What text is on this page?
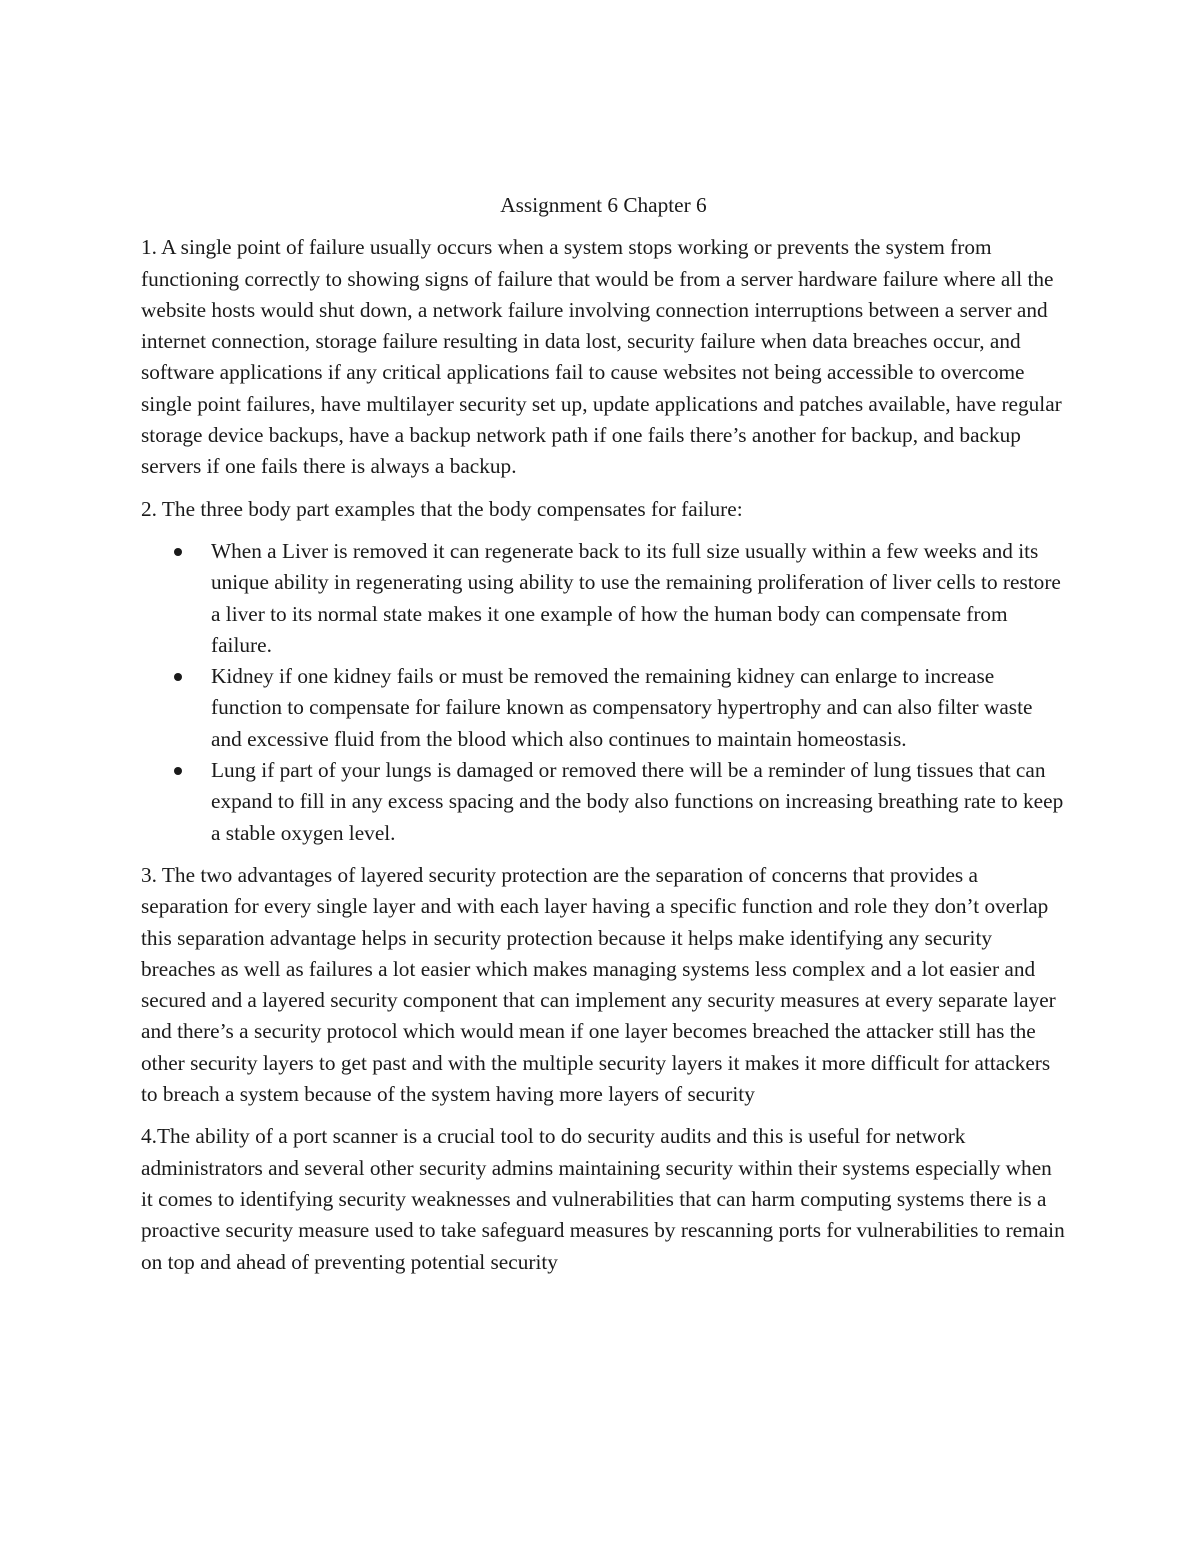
Assignment 6 Chapter 6

1. A single point of failure usually occurs when a system stops working or prevents the system from functioning correctly to showing signs of failure that would be from a server hardware failure where all the website hosts would shut down, a network failure involving connection interruptions between a server and internet connection, storage failure resulting in data lost, security failure when data breaches occur, and software applications if any critical applications fail to cause websites not being accessible to overcome single point failures, have multilayer security set up, update applications and patches available, have regular storage device backups, have a backup network path if one fails there’s another for backup, and backup servers if one fails there is always a backup.

2. The three body part examples that the body compensates for failure:

When a Liver is removed it can regenerate back to its full size usually within a few weeks and its unique ability in regenerating using ability to use the remaining proliferation of liver cells to restore a liver to its normal state makes it one example of how the human body can compensate from failure.
Kidney if one kidney fails or must be removed the remaining kidney can enlarge to increase function to compensate for failure known as compensatory hypertrophy and can also filter waste and excessive fluid from the blood which also continues to maintain homeostasis.
Lung if part of your lungs is damaged or removed there will be a reminder of lung tissues that can expand to fill in any excess spacing and the body also functions on increasing breathing rate to keep a stable oxygen level.

3. The two advantages of layered security protection are the separation of concerns that provides a separation for every single layer and with each layer having a specific function and role they don’t overlap this separation advantage helps in security protection because it helps make identifying any security breaches as well as failures a lot easier which makes managing systems less complex and a lot easier and secured and a layered security component that can implement any security measures at every separate layer and there’s a security protocol which would mean if one layer becomes breached the attacker still has the other security layers to get past and with the multiple security layers it makes it more difficult for attackers to breach a system because of the system having more layers of security

4.The ability of a port scanner is a crucial tool to do security audits and this is useful for network administrators and several other security admins maintaining security within their systems especially when it comes to identifying security weaknesses and vulnerabilities that can harm computing systems there is a proactive security measure used to take safeguard measures by rescanning ports for vulnerabilities to remain on top and ahead of preventing potential security
